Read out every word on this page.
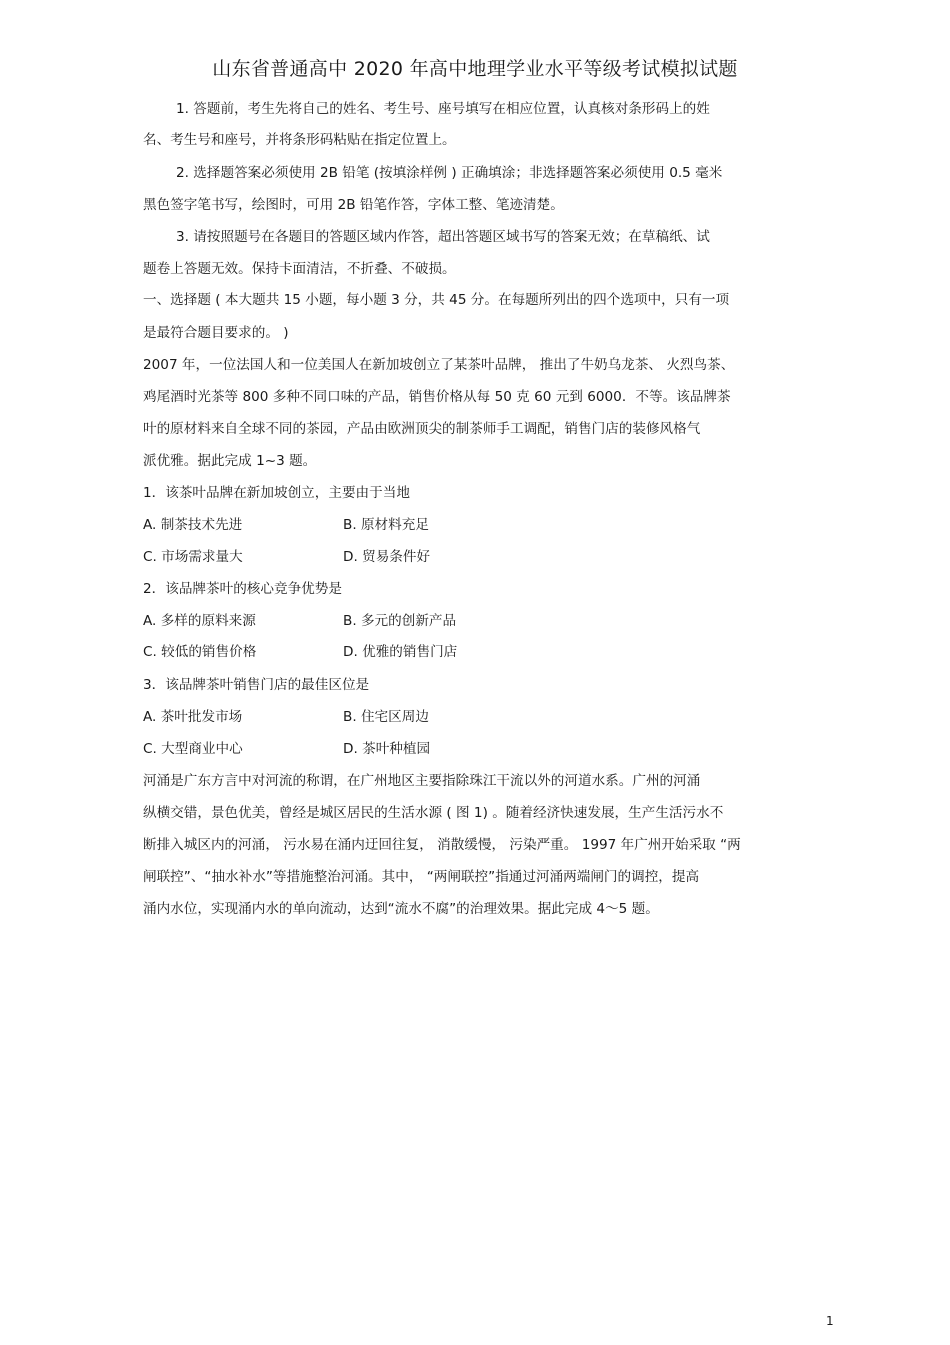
山东省普通高中 2020 年高中地理学业水平等级考试模拟试题
1. 答题前，考生先将自己的姓名、考生号、座号填写在相应位置，认真核对条形码上的姓
名、考生号和座号，并将条形码粘贴在指定位置上。
2. 选择题答案必须使用 2B 铅笔 (按填涂样例 ) 正确填涂；非选择题答案必须使用 0.5 毫米
黑色签字笔书写，绘图时，可用 2B 铅笔作答，字体工整、笔迹清楚。
3. 请按照题号在各题目的答题区域内作答，超出答题区域书写的答案无效；在草稿纸、试
题卷上答题无效。保持卡面清洁，不折叠、不破损。
一、选择题 ( 本大题共 15 小题，每小题 3 分，共 45 分。在每题所列出的四个选项中，只有一项
是最符合题目要求的。 )
2007 年，一位法国人和一位美国人在新加坡创立了某茶叶品牌， 推出了牛奶乌龙茶、 火烈鸟茶、
鸡尾酒时光茶等 800 多种不同口味的产品，销售价格从每 50 克 60 元到 6000．不等。该品牌茶
叶的原材料来自全球不同的茶园，产品由欧洲顶尖的制茶师手工调配，销售门店的装修风格气
派优雅。据此完成 1~3 题。
1．该茶叶品牌在新加坡创立，主要由于当地
A. 制茶技术先进	B. 原材料充足
C. 市场需求量大	D. 贸易条件好
2．该品牌茶叶的核心竞争优势是
A. 多样的原料来源	B. 多元的创新产品
C. 较低的销售价格	D. 优雅的销售门店
3．该品牌茶叶销售门店的最佳区位是
A. 茶叶批发市场	B. 住宅区周边
C. 大型商业中心	D. 茶叶种植园
河涌是广东方言中对河流的称谓，在广州地区主要指除珠江干流以外的河道水系。广州的河涌
纵横交错，景色优美，曾经是城区居民的生活水源 ( 图 1) 。随着经济快速发展，生产生活污水不
断排入城区内的河涌， 污水易在涌内迂回往复， 消散缓慢， 污染严重。 1997 年广州开始采取 “两
闸联控”、“抽水补水”等措施整治河涌。其中， “两闸联控”指通过河涌两端闸门的调控，提高
涌内水位，实现涌内水的单向流动，达到“流水不腐”的治理效果。据此完成 4～5 题。
1
